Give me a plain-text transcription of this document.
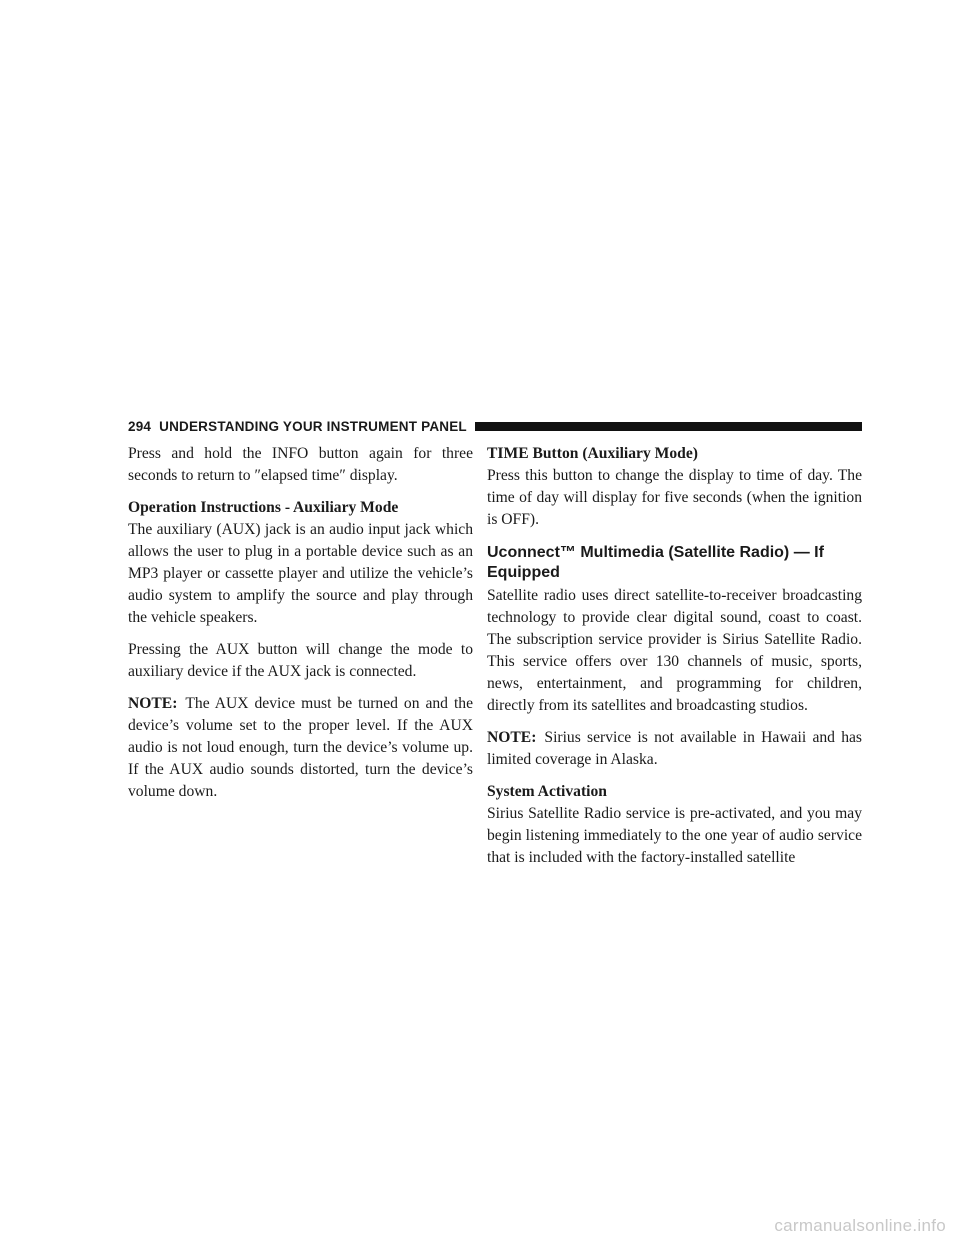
294 UNDERSTANDING YOUR INSTRUMENT PANEL

Press and hold the INFO button again for three seconds to return to ″elapsed time″ display.

Operation Instructions - Auxiliary Mode

The auxiliary (AUX) jack is an audio input jack which allows the user to plug in a portable device such as an MP3 player or cassette player and utilize the vehicle’s audio system to amplify the source and play through the vehicle speakers.

Pressing the AUX button will change the mode to auxiliary device if the AUX jack is connected.

NOTE: The AUX device must be turned on and the device’s volume set to the proper level. If the AUX audio is not loud enough, turn the device’s volume up. If the AUX audio sounds distorted, turn the device’s volume down.

TIME Button (Auxiliary Mode)

Press this button to change the display to time of day. The time of day will display for five seconds (when the ignition is OFF).

Uconnect™ Multimedia (Satellite Radio) — If Equipped

Satellite radio uses direct satellite-to-receiver broadcasting technology to provide clear digital sound, coast to coast. The subscription service provider is Sirius Satellite Radio. This service offers over 130 channels of music, sports, news, entertainment, and programming for children, directly from its satellites and broadcasting studios.

NOTE: Sirius service is not available in Hawaii and has limited coverage in Alaska.

System Activation

Sirius Satellite Radio service is pre-activated, and you may begin listening immediately to the one year of audio service that is included with the factory-installed satellite

carmanualsonline.info
